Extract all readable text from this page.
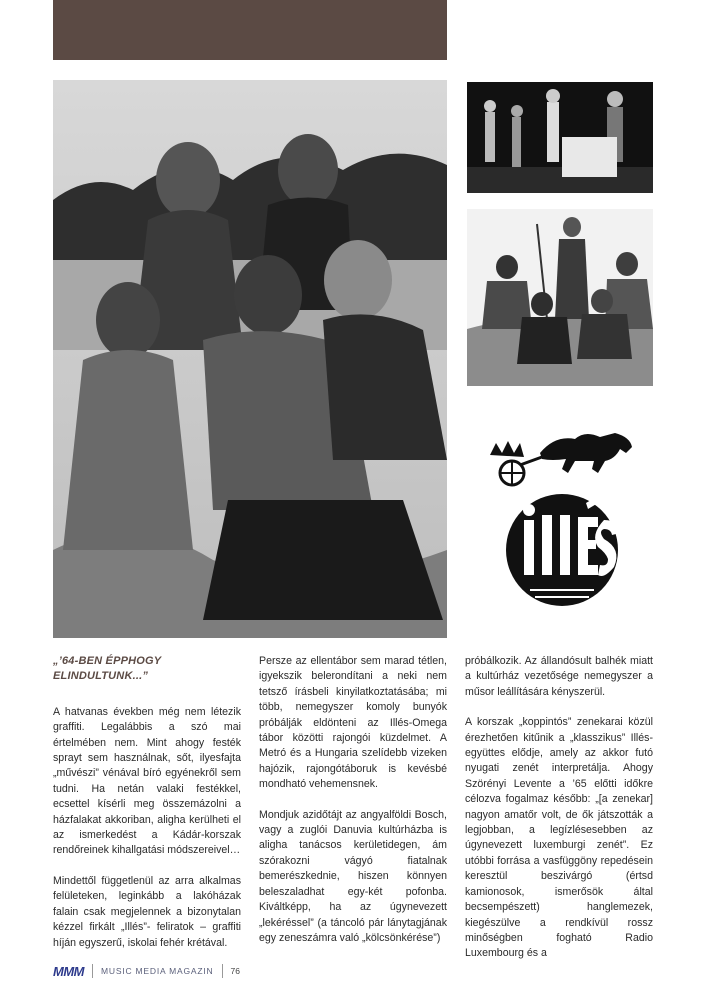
„’64-BEN ÉPPHOGY ELINDULTUNK...”

A hatvanas években még nem létezik graffiti. Legalábbis a szó mai értelmében nem. Mint ahogy festék sprayt sem használnak, sőt, ilyesfajta „művészi” vénával bíró egyénekről sem tudni. Ha netán valaki festékkel, ecsettel kísérli meg összemázolni a házfalakat akkoriban, aligha kerülheti el az ismerkedést a Kádár-korszak rendőreinek kihallgatási módszereivel…

Mindettől függetlenül az arra alkalmas felületeken, leginkább a lakóházak falain csak megjelennek a bizonytalan kézzel firkált „Illés”- feliratok – graffiti híján egyszerű, iskolai fehér krétával.

Persze az ellentábor sem marad tétlen, igyekszik belerondítani a neki nem tetsző írásbeli kinyilatkoztatásába; mi több, nemegyszer komoly bunyók próbálják eldönteni az Illés-Omega tábor közötti rajongói küzdelmet. A Metró és a Hungaria szelídebb vizeken hajózik, rajongótáboruk is kevésbé mondható vehemensnek.

Mondjuk azidőtájt az angyalföldi Bosch, vagy a zuglói Danuvia kultúrházba is aligha tanácsos kerületidegen, ám szórakozni vágyó fiatalnak bemerészkednie, hiszen könnyen beleszaladhat egy-két pofonba. Kiváltképp, ha az úgynevezett „lekéréssel” (a táncoló pár lánytagjának egy zeneszámra való „kölcsönkérése”)

próbálkozik. Az állandósult balhék miatt a kultúrház vezetősége nemegyszer a műsor leállítására kényszerül.

A korszak „koppintós” zenekarai közül érezhetően kitűnik a „klasszikus” Illés-együttes elődje, amely az akkor futó nyugati zenét interpretálja. Ahogy Szörényi Levente a ’65 előtti időkre célozva fogalmaz később: „[a zenekar] nagyon amatőr volt, de ők játszották a legjobban, a legízlésesebben az úgynevezett luxemburgi zenét”. Ez utóbbi forrása a vasfüggöny repedésein keresztül beszivárgó (értsd kamionosok, ismerősök által becsempészett) hanglemezek, kiegészülve a rendkívül rossz minőségben fogható Radio Luxembourg és a

MMM MUSIC MEDIA MAGAZIN 76
